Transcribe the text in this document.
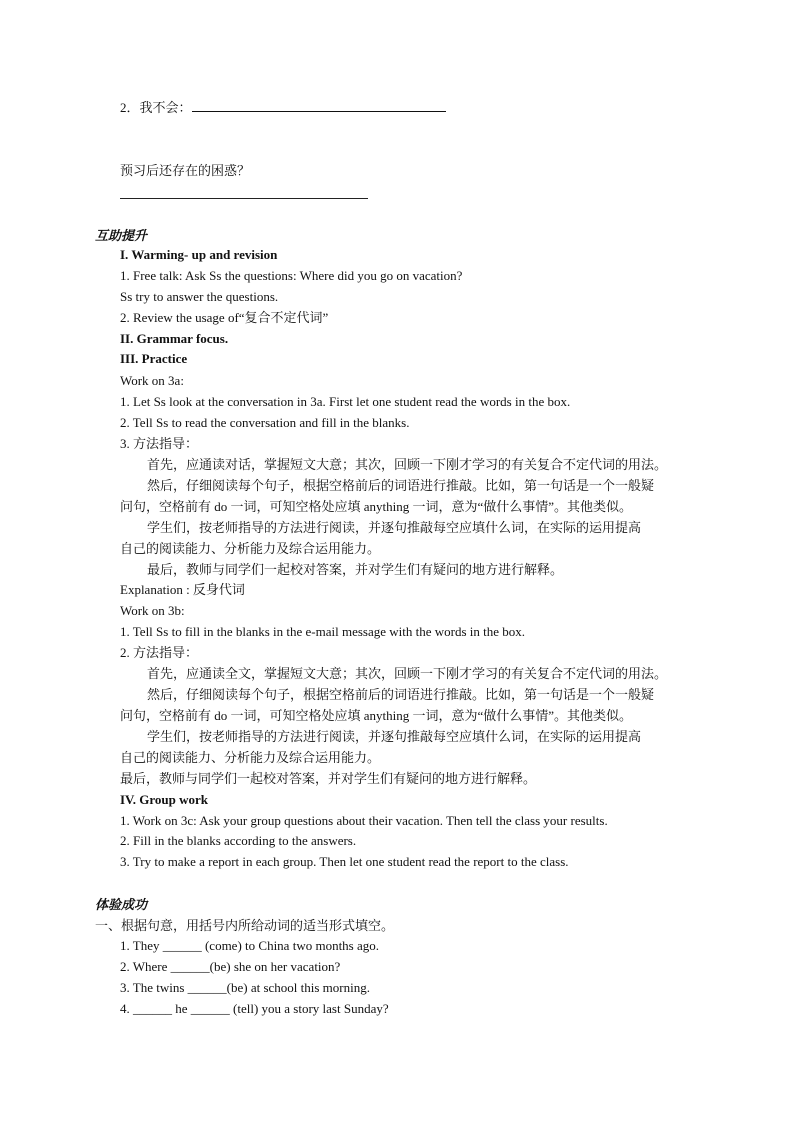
2．我不会：
预习后还存在的困惑？
互助提升
I. Warming- up and revision
1. Free talk: Ask Ss the questions: Where did you go on vacation?
Ss try to answer the questions.
2. Review the usage of“复合不定代词”
II. Grammar focus.
III. Practice
Work on 3a:
1. Let Ss look at the conversation in 3a. First let one student read the words in the box.
2. Tell Ss to read the conversation and fill in the blanks.
3. 方法指导：
首先，应通读对话，掌握短文大意；其次，回顾一下刚才学习的有关复合不定代词的用法。
然后，仔细阅读每个句子，根据空格前后的词语进行推敲。比如，第一句话是一个一般疑
问句，空格前有 do 一词，可知空格处应填 anything 一词，意为“做什么事情”。其他类似。
学生们，按老师指导的方法进行阅读，并逐句推敲每空应填什么词，在实际的运用提高
自己的阅读能力、分析能力及综合运用能力。
最后，教师与同学们一起校对答案，并对学生们有疑问的地方进行解释。
Explanation : 反身代词
Work on 3b:
1. Tell Ss to fill in the blanks in the e-mail message with the words in the box.
2. 方法指导：
首先，应通读全文，掌握短文大意；其次，回顾一下刚才学习的有关复合不定代词的用法。
然后，仔细阅读每个句子，根据空格前后的词语进行推敲。比如，第一句话是一个一般疑
问句，空格前有 do 一词，可知空格处应填 anything 一词，意为“做什么事情”。其他类似。
学生们，按老师指导的方法进行阅读，并逐句推敲每空应填什么词，在实际的运用提高
自己的阅读能力、分析能力及综合运用能力。
最后，教师与同学们一起校对答案，并对学生们有疑问的地方进行解释。
IV. Group work
1. Work on 3c: Ask your group questions about their vacation. Then tell the class your results.
2. Fill in the blanks according to the answers.
3. Try to make a report in each group. Then let one student read the report to the class.
体验成功
一、根据句意，用括号内所给动词的适当形式填空。
1. They ______ (come) to China two months ago.
2. Where ______(be) she on her vacation?
3. The twins ______(be) at school this morning.
4. ______ he ______ (tell) you a story last Sunday?
